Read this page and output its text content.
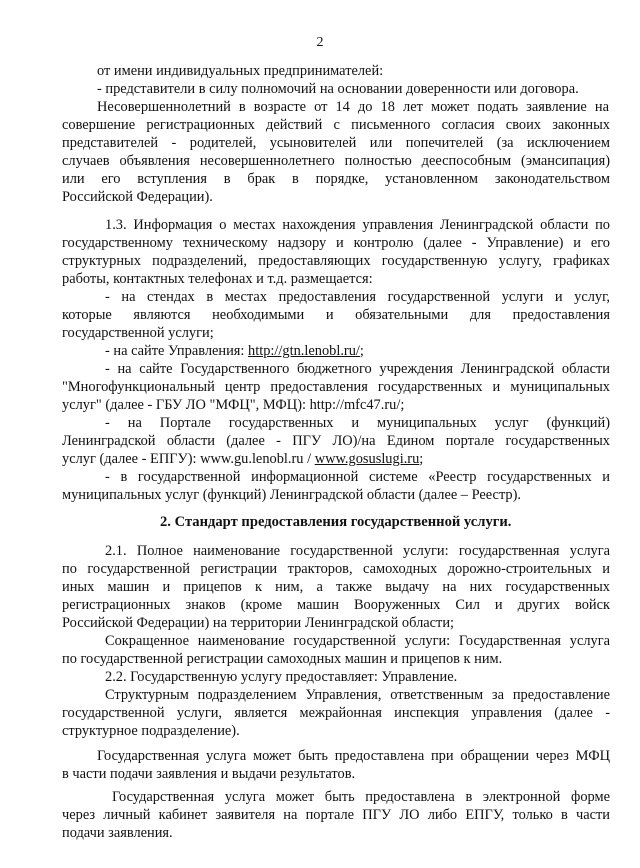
2
от имени индивидуальных предпринимателей:
- представители в силу полномочий на основании доверенности или договора.
Несовершеннолетний в возрасте от 14 до 18 лет может подать заявление на
совершение регистрационных действий с письменного согласия своих законных
представителей - родителей, усыновителей или попечителей (за исключением
случаев объявления несовершеннолетнего полностью дееспособным (эмансипация)
или его вступления в брак в порядке, установленном законодательством
Российской Федерации).
1.3. Информация о местах нахождения управления Ленинградской области по
государственному техническому надзору и контролю (далее - Управление) и его
структурных подразделений, предоставляющих государственную услугу, графиках
работы, контактных телефонах и т.д. размещается:
- на стендах в местах предоставления государственной услуги и услуг,
которые являются необходимыми и обязательными для предоставления
государственной услуги;
- на сайте Управления: http://gtn.lenobl.ru/;
- на сайте Государственного бюджетного учреждения Ленинградской области
"Многофункциональный центр предоставления государственных и муниципальных
услуг" (далее - ГБУ ЛО "МФЦ", МФЦ): http://mfc47.ru/;
- на Портале государственных и муниципальных услуг (функций)
Ленинградской области (далее - ПГУ ЛО)/на Едином портале государственных
услуг (далее - ЕПГУ): www.gu.lenobl.ru / www.gosuslugi.ru;
- в государственной информационной системе «Реестр государственных и
муниципальных услуг (функций) Ленинградской области (далее – Реестр).
2. Стандарт предоставления государственной услуги.
2.1. Полное наименование государственной услуги: государственная услуга
по государственной регистрации тракторов, самоходных дорожно-строительных и
иных машин и прицепов к ним, а также выдачу на них государственных
регистрационных знаков (кроме машин Вооруженных Сил и других войск
Российской Федерации) на территории Ленинградской области;
Сокращенное наименование государственной услуги: Государственная услуга
по государственной регистрации самоходных машин и прицепов к ним.
2.2. Государственную услугу предоставляет: Управление.
Структурным подразделением Управления, ответственным за предоставление
государственной услуги, является межрайонная инспекция управления (далее -
структурное подразделение).
Государственная услуга может быть предоставлена при обращении через МФЦ
в части подачи заявления и выдачи результатов.
Государственная услуга может быть предоставлена в электронной форме
через личный кабинет заявителя на портале ПГУ ЛО либо ЕПГУ, только в части
подачи заявления.
